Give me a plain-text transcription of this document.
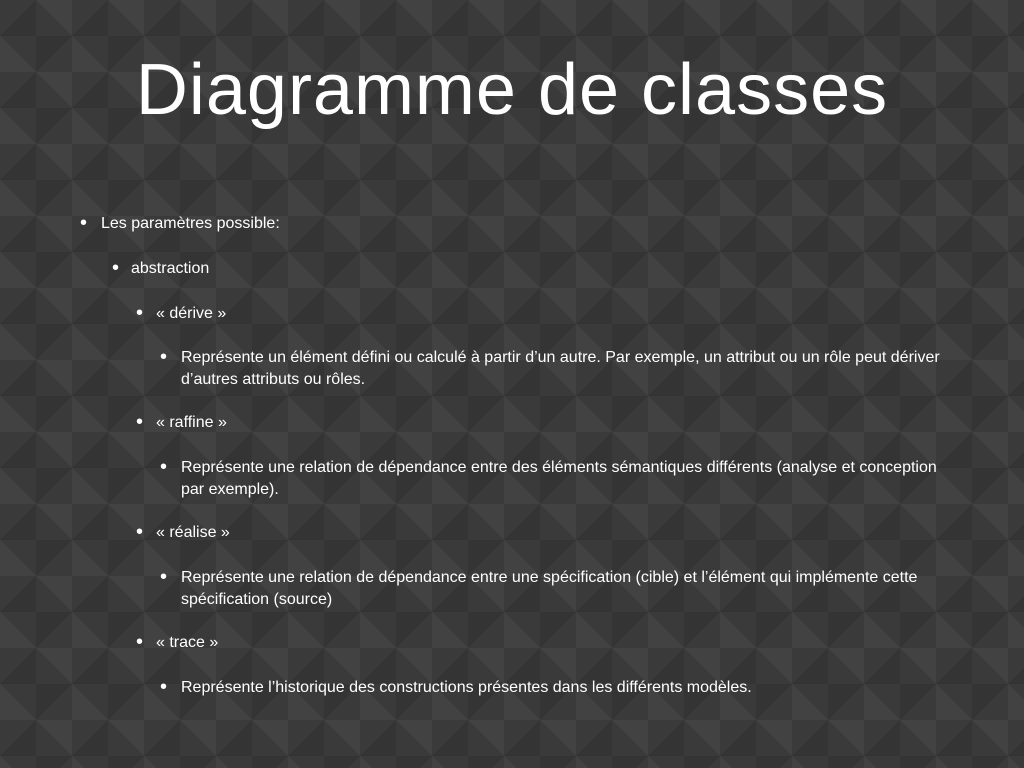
Diagramme de classes
• Les paramètres possible:
• abstraction
• « dérive »
• Représente un élément défini ou calculé à partir d’un autre. Par exemple, un attribut ou un rôle peut dériver d’autres attributs ou rôles.
• « raffine »
• Représente une relation de dépendance entre des éléments sémantiques différents (analyse et conception par exemple).
• « réalise »
• Représente une relation de dépendance entre une spécification (cible) et l’élément qui implémente cette spécification (source)
• « trace »
• Représente l’historique des constructions présentes dans les différents modèles.
